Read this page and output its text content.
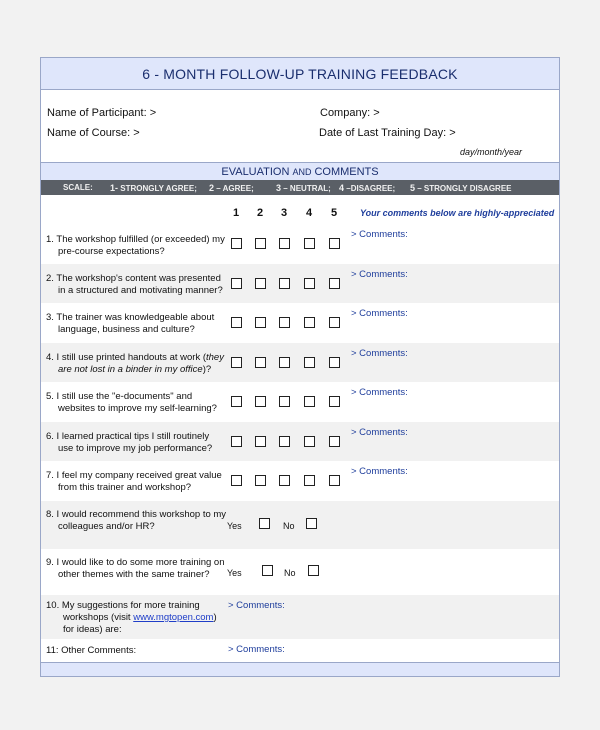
6 - MONTH FOLLOW-UP TRAINING FEEDBACK
Name of Participant: >
Name of Course: >
Company: >
Date of Last Training Day: >
day/month/year
EVALUATION AND COMMENTS
SCALE: 1- STRONGLY AGREE; 2 – AGREE; 3 – NEUTRAL; 4 –DISAGREE; 5 – STRONGLY DISAGREE
1 2 3 4 5	Your comments below are highly-appreciated
1. The workshop fulfilled (or exceeded) my
pre-course expectations?
> Comments:
2. The workshop's content was presented
in a structured and motivating manner?
> Comments:
3. The trainer was knowledgeable about
language, business and culture?
> Comments:
4. I still use printed handouts at work (they
are not lost in a binder in my office)?
> Comments:
5. I still use the "e-documents" and
websites to improve my self-learning?
> Comments:
6. I learned practical tips I still routinely
use to improve my job performance?
> Comments:
7. I feel my company received great value
from this trainer and workshop?
> Comments:
8. I would recommend this workshop to my
colleagues and/or HR?	Yes	No
9. I would like to do some more training on
other themes with the same trainer?	Yes	No
10. My suggestions for more training
workshops (visit www.mgtopen.com)
for ideas) are:
> Comments:
11: Other Comments:	> Comments:
